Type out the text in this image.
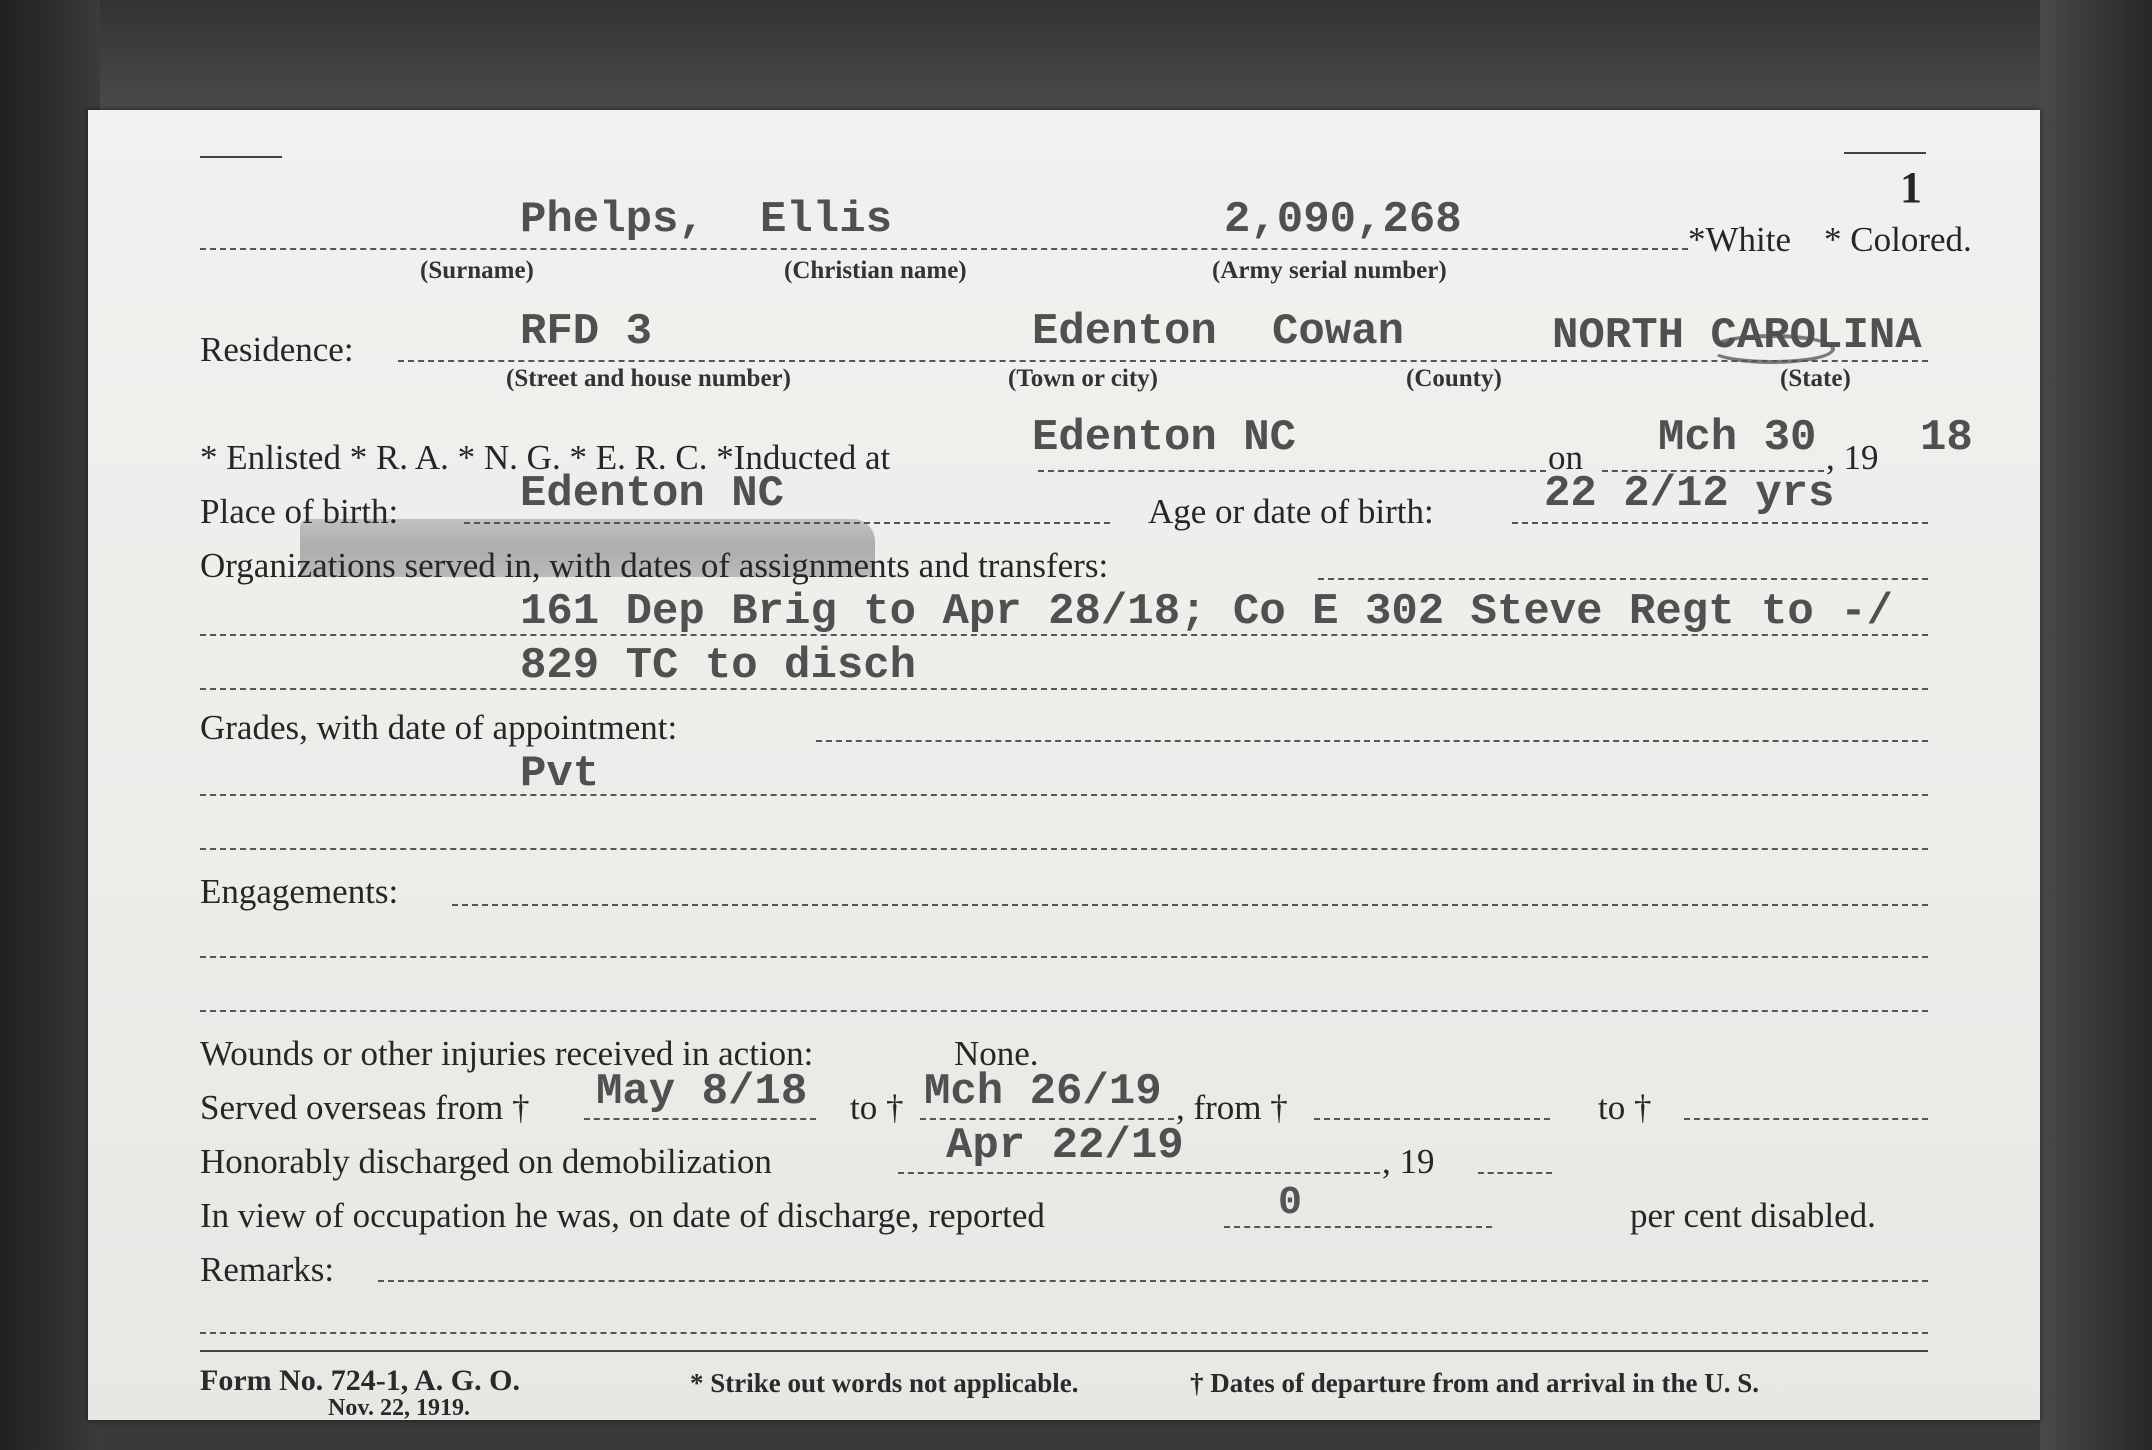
1
Phelps, Ellis	2,090,268	*White * Colored.
(Surname)	(Christian name)	(Army serial number)
Residence:	RFD 3	Edenton Cowan	NORTH CAROLINA
(Street and house number)	(Town or city)	(County)	(State)
* Enlisted * R. A. * N. G. * E. R. C. *Inducted at	Edenton NC	on Mch 30 , 19 18
Place of birth:	Edenton NC	Age or date of birth:	22 2/12 yrs
Organizations served in, with dates of assignments and transfers:
161 Dep Brig to Apr 28/18; Co E 302 Steve Regt to -/
829 TC to disch
Grades, with date of appointment:
Pvt
Engagements:
Wounds or other injuries received in action:	None.
Served overseas from † May 8/18 to † Mch 26/19 , from †	to †
Honorably discharged on demobilization	Apr 22/19	, 19
In view of occupation he was, on date of discharge, reported	0	per cent disabled.
Remarks:
Form No. 724-1, A. G. O.
Nov. 22, 1919.
* Strike out words not applicable.	† Dates of departure from and arrival in the U. S.
